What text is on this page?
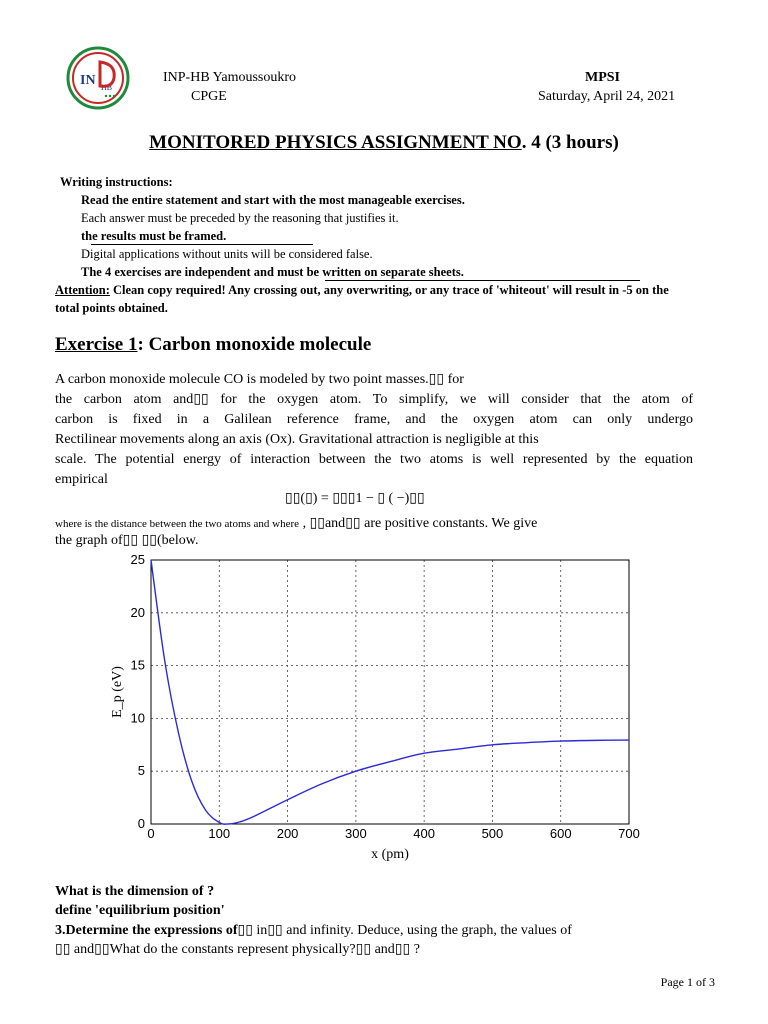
IN HB
INP-HB Yamoussoukro
CPGE
MPSI
Saturday, April 24, 2021
MONITORED PHYSICS ASSIGNMENT NO. 4 (3 hours)
Writing instructions:
Read the entire statement and start with the most manageable exercises.
Each answer must be preceded by the reasoning that justifies it.
the results must be framed.
Digital applications without units will be considered false.
The 4 exercises are independent and must be written on separate sheets.
Attention: Clean copy required! Any crossing out, any overwriting, or any trace of 'whiteout' will result in -5 on the
total points obtained.
Exercise 1: Carbon monoxide molecule
A carbon monoxide molecule CO is modeled by two point masses.▯▯ for
the carbon atom and▯▯ for the oxygen atom. To simplify, we will consider that the atom of
carbon is fixed in a Galilean reference frame, and the oxygen atom can only undergo
Rectilinear movements along an axis (Ox). Gravitational attraction is negligible at this
scale. The potential energy of interaction between the two atoms is well represented by the equation
empirical
▯▯(▯) = ▯▯▯1 − ▯ ( −)▯▯
where is the distance between the two atoms and where , ▯▯and▯▯ are positive constants. We give
the graph of▯▯ ▯▯(below.
0	100	200	300	400	500	600	700
0
5
10
15
20
25
x (pm)
E_p (eV)
What is the dimension of ?
define 'equilibrium position'
3.Determine the expressions of▯▯ in▯▯ and infinity. Deduce, using the graph, the values of
▯▯ and▯▯What do the constants represent physically?▯▯ and▯▯ ?
Page 1 of 3
